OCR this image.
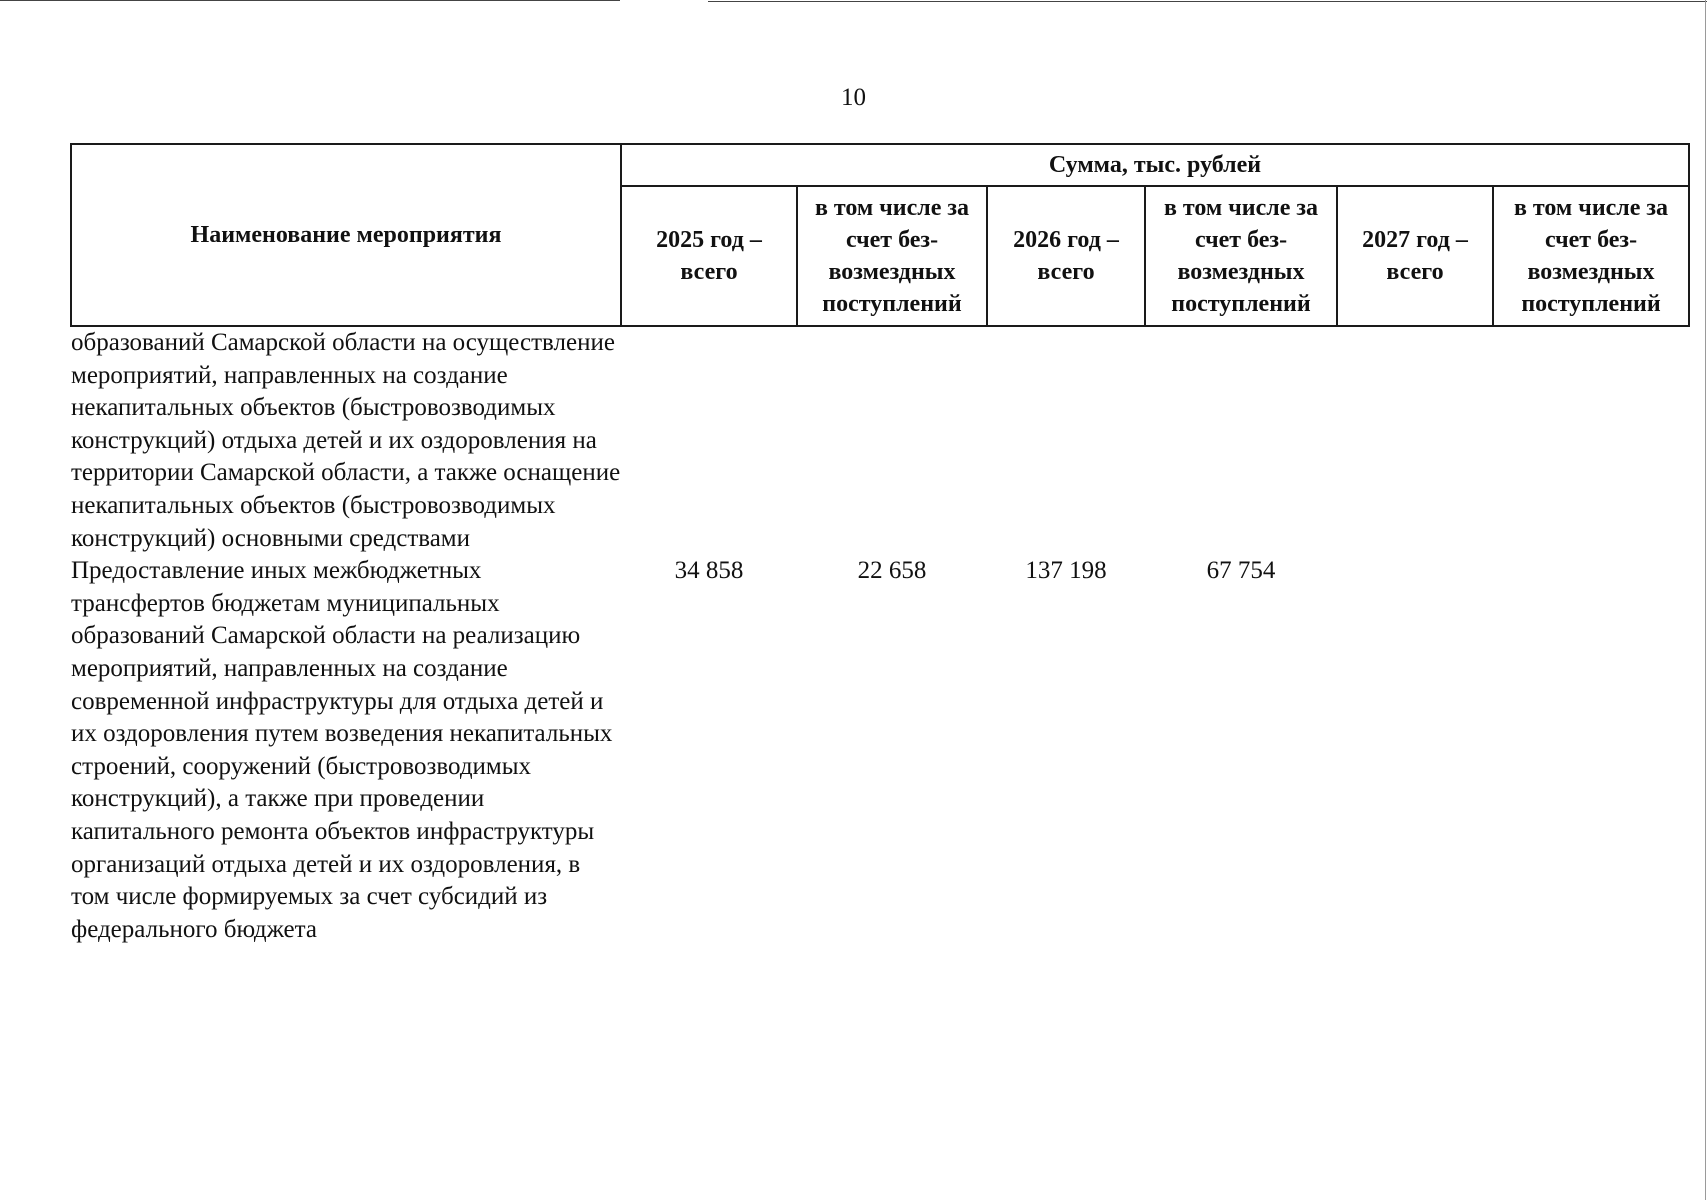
10
Наименование мероприятия	Сумма, тыс. рублей					
	2025 год – всего	в том числе за счет без-возмездных поступлений	2026 год – всего	в том числе за счет без-возмездных поступлений	2027 год – всего	в том числе за счет без-возмездных поступлений
образований Самарской области на осуществление мероприятий, направленных на создание некапитальных объектов (быстровозводимых конструкций) отдыха детей и их оздоровления на территории Самарской области, а также оснащение некапитальных объектов (быстровозводимых конструкций) основными средствами						
Предоставление иных межбюджетных трансфертов бюджетам муниципальных образований Самарской области на реализацию мероприятий, направленных на создание современной инфраструктуры для отдыха детей и их оздоровления путем возведения некапитальных строений, сооружений (быстровозводимых конструкций), а также при проведении капитального ремонта объектов инфраструктуры организаций отдыха детей и их оздоровления, в том числе формируемых за счет субсидий из федерального бюджета	34 858	22 658	137 198	67 754		
